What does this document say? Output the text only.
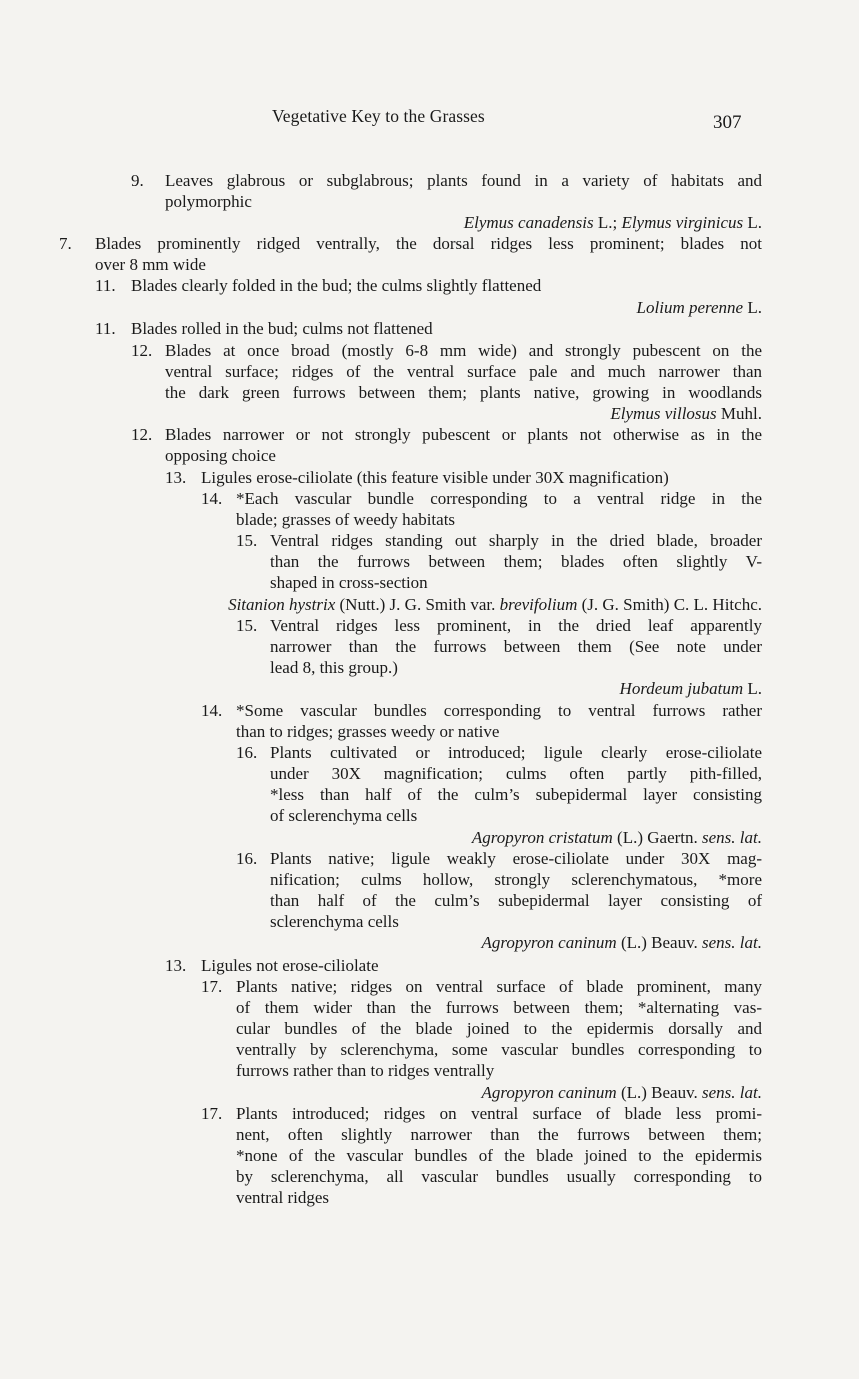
Vegetative Key to the Grasses	307
9. Leaves glabrous or subglabrous; plants found in a variety of habitats and
polymorphic
Elymus canadensis L.; Elymus virginicus L.
7. Blades prominently ridged ventrally, the dorsal ridges less prominent; blades not
over 8 mm wide
11. Blades clearly folded in the bud; the culms slightly flattened
Lolium perenne L.
11. Blades rolled in the bud; culms not flattened
12. Blades at once broad (mostly 6-8 mm wide) and strongly pubescent on the
ventral surface; ridges of the ventral surface pale and much narrower than
the dark green furrows between them; plants native, growing in woodlands
Elymus villosus Muhl.
12. Blades narrower or not strongly pubescent or plants not otherwise as in the
opposing choice
13. Ligules erose-ciliolate (this feature visible under 30X magnification)
14. *Each vascular bundle corresponding to a ventral ridge in the
blade; grasses of weedy habitats
15. Ventral ridges standing out sharply in the dried blade, broader
than the furrows between them; blades often slightly V-
shaped in cross-section
Sitanion hystrix (Nutt.) J. G. Smith var. brevifolium (J. G. Smith) C. L. Hitchc.
15. Ventral ridges less prominent, in the dried leaf apparently
narrower than the furrows between them (See note under
lead 8, this group.)
Hordeum jubatum L.
14. *Some vascular bundles corresponding to ventral furrows rather
than to ridges; grasses weedy or native
16. Plants cultivated or introduced; ligule clearly erose-ciliolate
under 30X magnification; culms often partly pith-filled,
*less than half of the culm’s subepidermal layer consisting
of sclerenchyma cells
Agropyron cristatum (L.) Gaertn. sens. lat.
16. Plants native; ligule weakly erose-ciliolate under 30X mag-
nification; culms hollow, strongly sclerenchymatous, *more
than half of the culm’s subepidermal layer consisting of
sclerenchyma cells
Agropyron caninum (L.) Beauv. sens. lat.
13. Ligules not erose-ciliolate
17. Plants native; ridges on ventral surface of blade prominent, many
of them wider than the furrows between them; *alternating vas-
cular bundles of the blade joined to the epidermis dorsally and
ventrally by sclerenchyma, some vascular bundles corresponding to
furrows rather than to ridges ventrally
Agropyron caninum (L.) Beauv. sens. lat.
17. Plants introduced; ridges on ventral surface of blade less promi-
nent, often slightly narrower than the furrows between them;
*none of the vascular bundles of the blade joined to the epidermis
by sclerenchyma, all vascular bundles usually corresponding to
ventral ridges
